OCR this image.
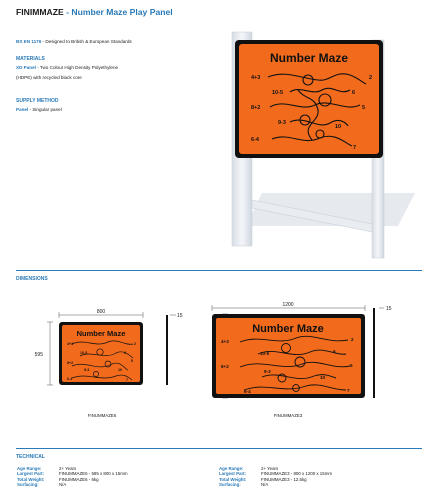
FINIMMAZE - Number Maze Play Panel
BS EN 1176 - Designed to British & European Standards
MATERIALS
XD Panel - Two Colour High Density Polyethylene
(HDPE) with recycled black core
SUPPLY METHOD
Panel - Singular panel
Number Maze
4+3
10-5
8+2
9-3
6-4
2
6
5
10
7
DIMENSIONS
800
595
15
1200
15
Number Maze
4+3
10-5
8+2
9-3
6-4
2
6
5
10
7
Number Maze
4+3
10-5
8+2
9-3
6-4
2
6
5
10
7
FINUMMAZE6	FINUMMAZE3
TECHNICAL
Age Range:	2+ Years
Largest Part:	FINUMMAZE6 - 595 x 800 x 15mm
Total Weight:	FINUMMAZE6 - 6kg
Surfacing:	N/A
Age Range:	2+ Years
Largest Part:	FINUMMAZE3 - 800 x 1200 x 15mm
Total Weight:	FINUMMAZE3 - 12.5kg
Surfacing:	N/A
